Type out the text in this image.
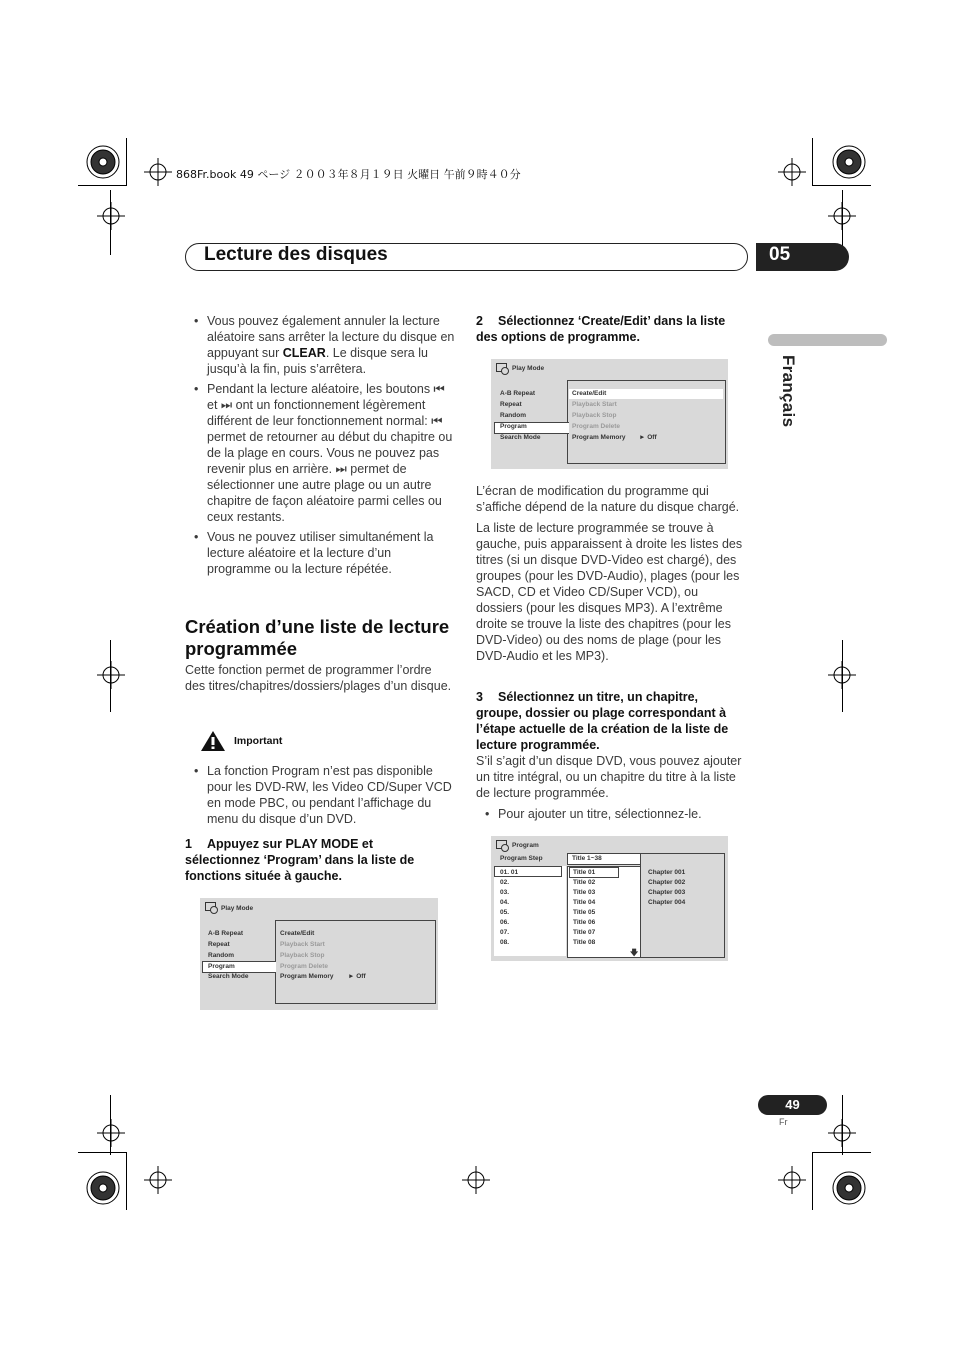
868Fr.book 49 ページ ２００３年８月１９日 火曜日 午前９時４０分
Lecture des disques	05
Français
• Vous pouvez également annuler la lecture aléatoire sans arrêter la lecture du disque en appuyant sur CLEAR. Le disque sera lu jusqu’à la fin, puis s’arrêtera.
• Pendant la lecture aléatoire, les boutons ⏮ et ⏭ ont un fonctionnement légèrement différent de leur fonctionnement normal: ⏮ permet de retourner au début du chapitre ou de la plage en cours. Vous ne pouvez pas revenir plus en arrière. ⏭ permet de sélectionner une autre plage ou un autre chapitre de façon aléatoire parmi celles ou ceux restants.
• Vous ne pouvez utiliser simultanément la lecture aléatoire et la lecture d’un programme ou la lecture répétée.
Création d’une liste de lecture programmée
Cette fonction permet de programmer l’ordre des titres/chapitres/dossiers/plages d’un disque.
Important
• La fonction Program n’est pas disponible pour les DVD-RW, les Video CD/Super VCD en mode PBC, ou pendant l’affichage du menu du disque d’un DVD.
1 Appuyez sur PLAY MODE et sélectionnez ‘Program’ dans la liste de fonctions située à gauche.
Play Mode
A-B Repeat
Repeat
Random
Program
Search Mode
Create/Edit
Playback Start
Playback Stop
Program Delete
Program Memory ► Off
2 Sélectionnez ‘Create/Edit’ dans la liste des options de programme.
Play Mode
A-B Repeat
Repeat
Random
Program
Search Mode
Create/Edit
Playback Start
Playback Stop
Program Delete
Program Memory ► Off

L’écran de modification du programme qui s’affiche dépend de la nature du disque chargé.

La liste de lecture programmée se trouve à gauche, puis apparaissent à droite les listes des titres (si un disque DVD-Video est chargé), des groupes (pour les DVD-Audio), plages (pour les SACD, CD et Video CD/Super VCD), ou dossiers (pour les disques MP3). A l’extrême droite se trouve la liste des chapitres (pour les DVD-Video) ou des noms de plage (pour les DVD-Audio et les MP3).

3 Sélectionnez un titre, un chapitre, groupe, dossier ou plage correspondant à l’étape actuelle de la création de la liste de lecture programmée.
S’il s’agit d’un disque DVD, vous pouvez ajouter un titre intégral, ou un chapitre du titre à la liste de lecture programmée.
• Pour ajouter un titre, sélectionnez-le.
Program
Program Step	Title 1~38
01. 01
02.
03.
04.
05.
06.
07.
08.
Title 01
Title 02
Title 03
Title 04
Title 05
Title 06
Title 07
Title 08
🡇
Chapter 001
Chapter 002
Chapter 003
Chapter 004
49
Fr
